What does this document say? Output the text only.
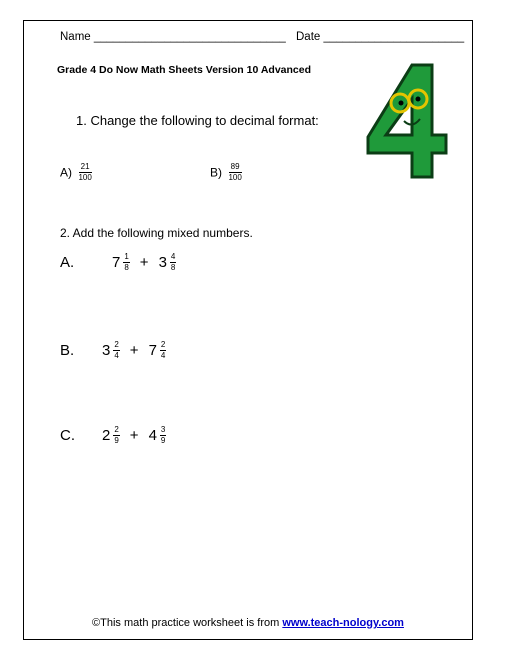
Name ______________________________ Date ______________________
Grade 4 Do Now Math Sheets Version 10 Advanced
1. Change the following to decimal format:
$A) \frac{21}{100}$	$B) \frac{89}{100}$
2. Add the following mixed numbers.
A.	$7 \frac{1}{8} + 3 \frac{4}{8}$
B.	$3 \frac{2}{4} + 7 \frac{2}{4}$
C.	$2 \frac{2}{9} + 4 \frac{3}{9}$
©This math practice worksheet is from www.teach-nology.com
